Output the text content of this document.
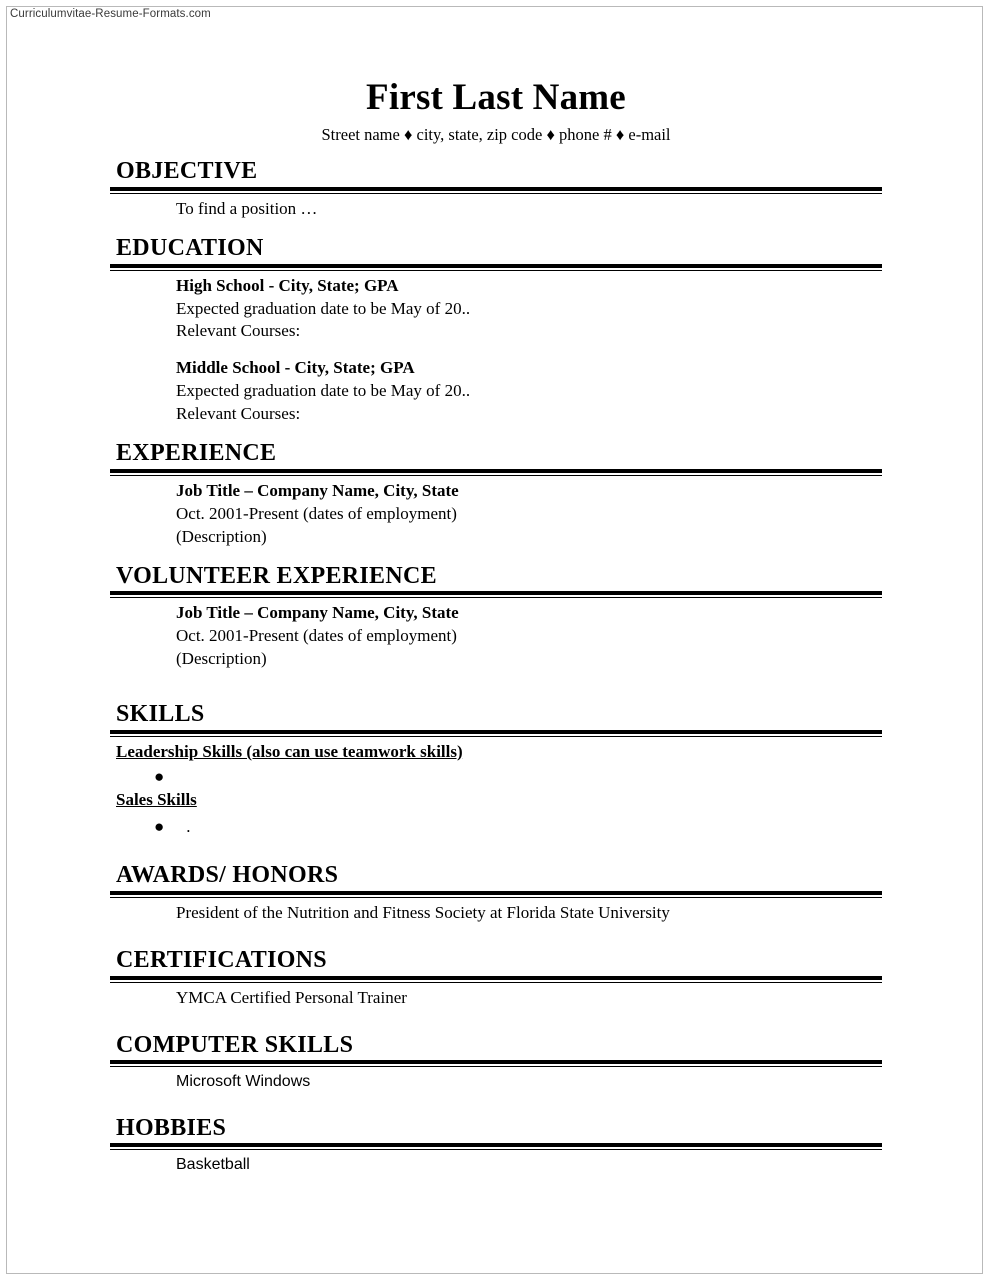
Curriculumvitae-Resume-Formats.com
First Last Name

Street name ♦ city, state, zip code ♦ phone # ♦ e-mail

OBJECTIVE

To find a position …

EDUCATION

High School - City, State; GPA

Expected graduation date to be May of 20..

Relevant Courses:

Middle School - City, State; GPA

Expected graduation date to be May of 20..

Relevant Courses:

EXPERIENCE

Job Title – Company Name, City, State

Oct. 2001-Present (dates of employment)

(Description)

VOLUNTEER EXPERIENCE

Job Title – Company Name, City, State

Oct. 2001-Present (dates of employment)

(Description)

SKILLS
Leadership Skills (also can use teamwork skills)
●
Sales Skills
● .
AWARDS/ HONORS

President of the Nutrition and Fitness Society at Florida State University

CERTIFICATIONS

YMCA Certified Personal Trainer

COMPUTER SKILLS

Microsoft Windows

HOBBIES

Basketball
